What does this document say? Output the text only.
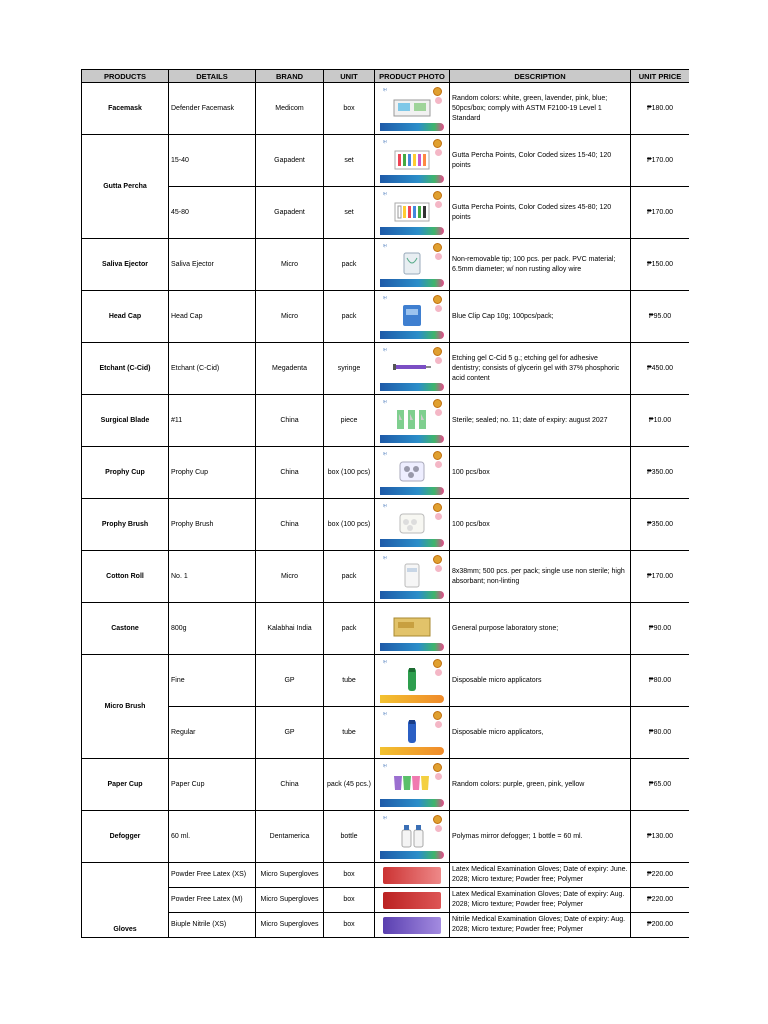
PRODUCTS	DETAILS	BRAND	UNIT	PRODUCT PHOTO	DESCRIPTION	UNIT PRICE
Facemask	Defender Facemask	Medicom	box	♅	Random colors: white, green, lavender, pink, blue; 50pcs/box; comply with ASTM F2100-19 Level 1 Standard	₱180.00
Gutta Percha	15-40	Gapadent	set	♅	Gutta Percha Points, Color Coded sizes 15-40; 120 points	₱170.00
	45-80	Gapadent	set	♅	Gutta Percha Points, Color Coded sizes 45-80; 120 points	₱170.00
Saliva Ejector	Saliva Ejector	Micro	pack	♅	Non-removable tip; 100 pcs. per pack. PVC material; 6.5mm diameter; w/ non rusting alloy wire	₱150.00
Head Cap	Head Cap	Micro	pack	♅	Blue Clip Cap 10g; 100pcs/pack;	₱95.00
Etchant (C-Cid)	Etchant (C-Cid)	Megadenta	syringe	♅	Etching gel C-Cid 5 g.; etching gel for adhesive dentistry; consists of glycerin gel with 37% phosphoric acid content	₱450.00
Surgical Blade	#11	China	piece	♅	Sterile; sealed; no. 11; date of expiry: august 2027	₱10.00
Prophy Cup	Prophy Cup	China	box (100 pcs)	♅	100 pcs/box	₱350.00
Prophy Brush	Prophy Brush	China	box (100 pcs)	♅	100 pcs/box	₱350.00
Cotton Roll	No. 1	Micro	pack	♅	8x38mm; 500 pcs. per pack; single use non sterile; high absorbant; non-linting	₱170.00
Castone	800g	Kalabhai India	pack		General purpose laboratory stone;	₱90.00
Micro Brush	Fine	GP	tube	♅	Disposable micro applicators	₱80.00
	Regular	GP	tube	♅	Disposable micro applicators,	₱80.00
Paper Cup	Paper Cup	China	pack (45 pcs.)	♅	Random colors: purple, green, pink, yellow	₱65.00
Defogger	60 ml.	Dentamerica	bottle	♅	Polymas mirror defogger; 1 bottle = 60 ml.	₱130.00
Gloves	Powder Free Latex (XS)	Micro Supergloves	box		Latex Medical Examination Gloves; Date of expiry: June. 2028; Micro texture; Powder free; Polymer	₱220.00
	Powder Free Latex (M)	Micro Supergloves	box		Latex Medical Examination Gloves; Date of expiry: Aug. 2028; Micro texture; Powder free; Polymer	₱220.00
	Biuple Nitrile (XS)	Micro Supergloves	box		Nitrile Medical Examination Gloves; Date of expiry: Aug. 2028; Micro texture; Powder free; Polymer	₱200.00
